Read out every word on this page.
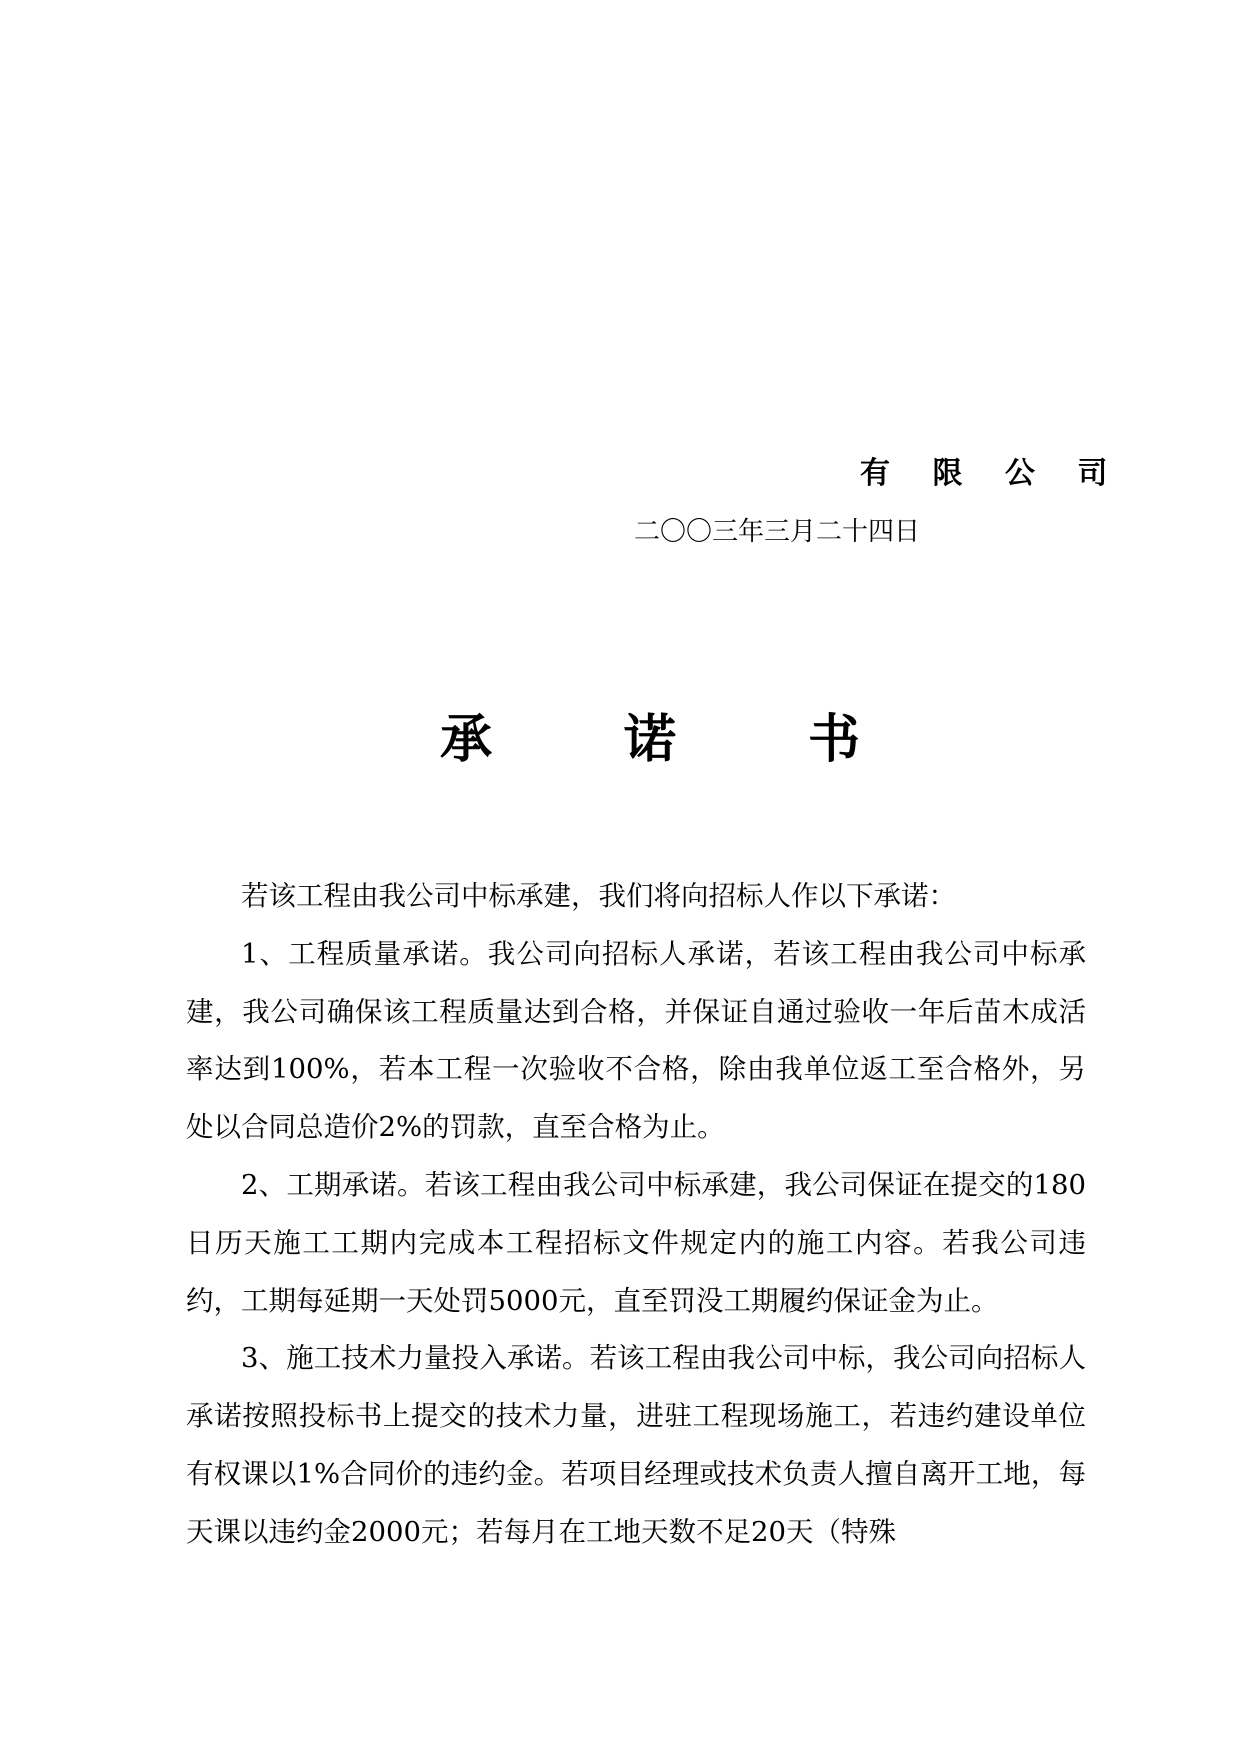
有 限 公 司
二〇〇三年三月二十四日
承	诺	书

若该工程由我公司中标承建，我们将向招标人作以下承诺：

1、工程质量承诺。我公司向招标人承诺，若该工程由我公司中标承建，我公司确保该工程质量达到合格，并保证自通过验收一年后苗木成活率达到100%，若本工程一次验收不合格，除由我单位返工至合格外，另处以合同总造价2%的罚款，直至合格为止。

2、工期承诺。若该工程由我公司中标承建，我公司保证在提交的180日历天施工工期内完成本工程招标文件规定内的施工内容。若我公司违约，工期每延期一天处罚5000元，直至罚没工期履约保证金为止。

3、施工技术力量投入承诺。若该工程由我公司中标，我公司向招标人承诺按照投标书上提交的技术力量，进驻工程现场施工，若违约建设单位有权课以1%合同价的违约金。若项目经理或技术负责人擅自离开工地，每天课以违约金2000元；若每月在工地天数不足20天（特殊
